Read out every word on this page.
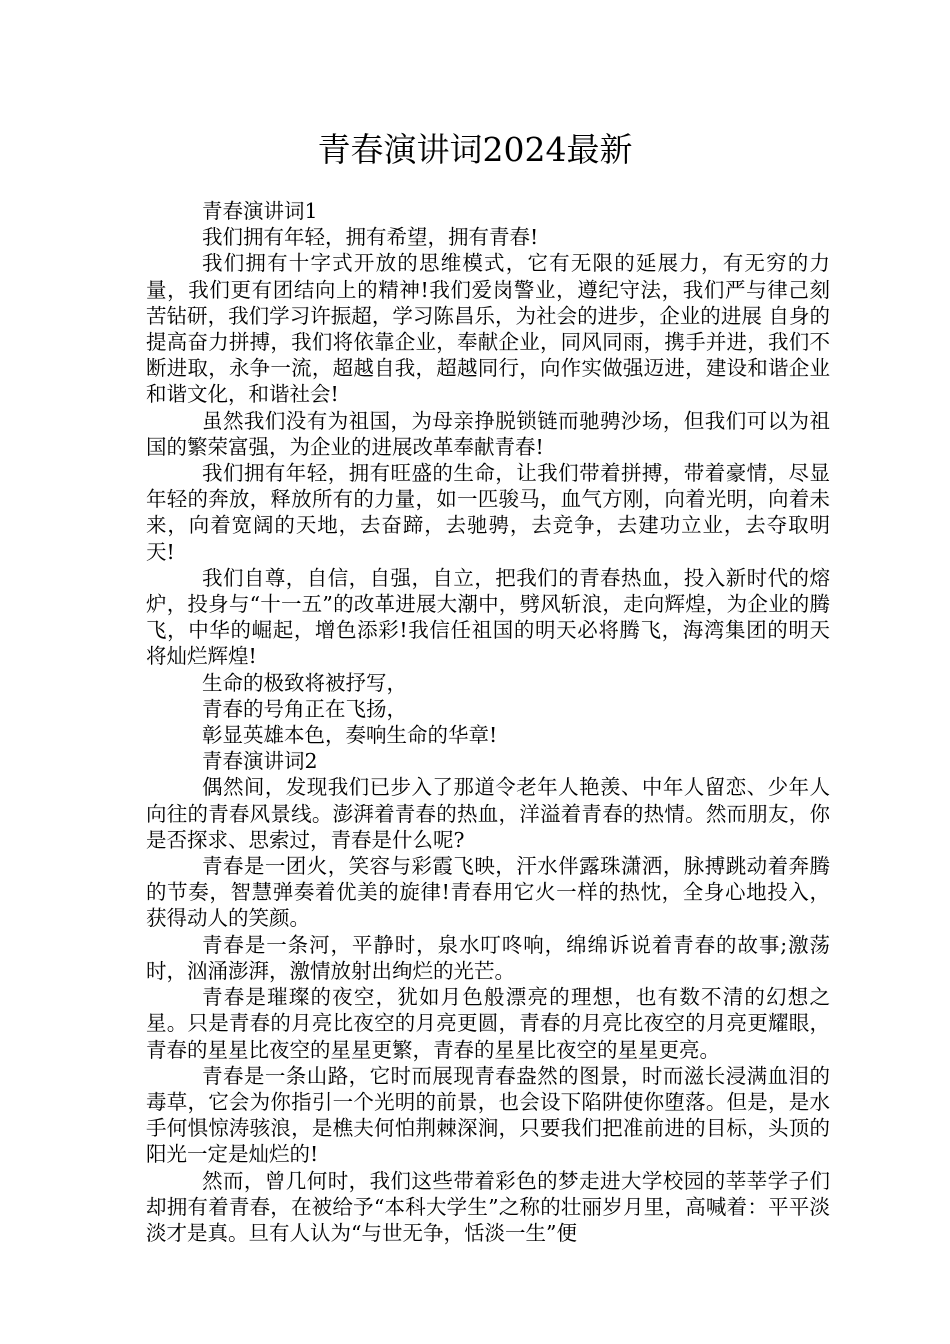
青春演讲词2024最新

青春演讲词1

我们拥有年轻，拥有希望，拥有青春!

我们拥有十字式开放的思维模式，它有无限的延展力，有无穷的力量，我们更有团结向上的精神!我们爱岗警业，遵纪守法，我们严与律己刻苦钻研，我们学习许振超，学习陈昌乐，为社会的进步，企业的进展 自身的提高奋力拼搏，我们将依靠企业，奉献企业，同风同雨，携手并进，我们不断进取，永争一流，超越自我，超越同行，向作实做强迈进，建设和谐企业和谐文化，和谐社会!

虽然我们没有为祖国，为母亲挣脱锁链而驰骋沙场，但我们可以为祖国的繁荣富强，为企业的进展改革奉献青春!

我们拥有年轻，拥有旺盛的生命，让我们带着拼搏，带着豪情，尽显年轻的奔放，释放所有的力量，如一匹骏马，血气方刚，向着光明，向着未来，向着宽阔的天地，去奋蹄，去驰骋，去竞争，去建功立业，去夺取明天!

我们自尊，自信，自强，自立，把我们的青春热血，投入新时代的熔炉，投身与“十一五”的改革进展大潮中，劈风斩浪，走向辉煌，为企业的腾飞，中华的崛起，增色添彩!我信任祖国的明天必将腾飞，海湾集团的明天将灿烂辉煌!

生命的极致将被抒写，

青春的号角正在飞扬，

彰显英雄本色，奏响生命的华章!

青春演讲词2

偶然间，发现我们已步入了那道令老年人艳羡、中年人留恋、少年人向往的青春风景线。澎湃着青春的热血，洋溢着青春的热情。然而朋友，你是否探求、思索过，青春是什么呢?

青春是一团火，笑容与彩霞飞映，汗水伴露珠潇洒，脉搏跳动着奔腾的节奏，智慧弹奏着优美的旋律!青春用它火一样的热忱，全身心地投入，获得动人的笑颜。

青春是一条河，平静时，泉水叮咚响，绵绵诉说着青春的故事;激荡时，汹涌澎湃，激情放射出绚烂的光芒。

青春是璀璨的夜空，犹如月色般漂亮的理想，也有数不清的幻想之星。只是青春的月亮比夜空的月亮更圆，青春的月亮比夜空的月亮更耀眼，青春的星星比夜空的星星更繁，青春的星星比夜空的星星更亮。

青春是一条山路，它时而展现青春盎然的图景，时而滋长浸满血泪的毒草，它会为你指引一个光明的前景，也会设下陷阱使你堕落。但是，是水手何惧惊涛骇浪，是樵夫何怕荆棘深涧，只要我们把准前进的目标，头顶的阳光一定是灿烂的!

然而，曾几何时，我们这些带着彩色的梦走进大学校园的莘莘学子们却拥有着青春，在被给予“本科大学生”之称的壮丽岁月里，高喊着：平平淡淡才是真。旦有人认为“与世无争，恬淡一生”便
